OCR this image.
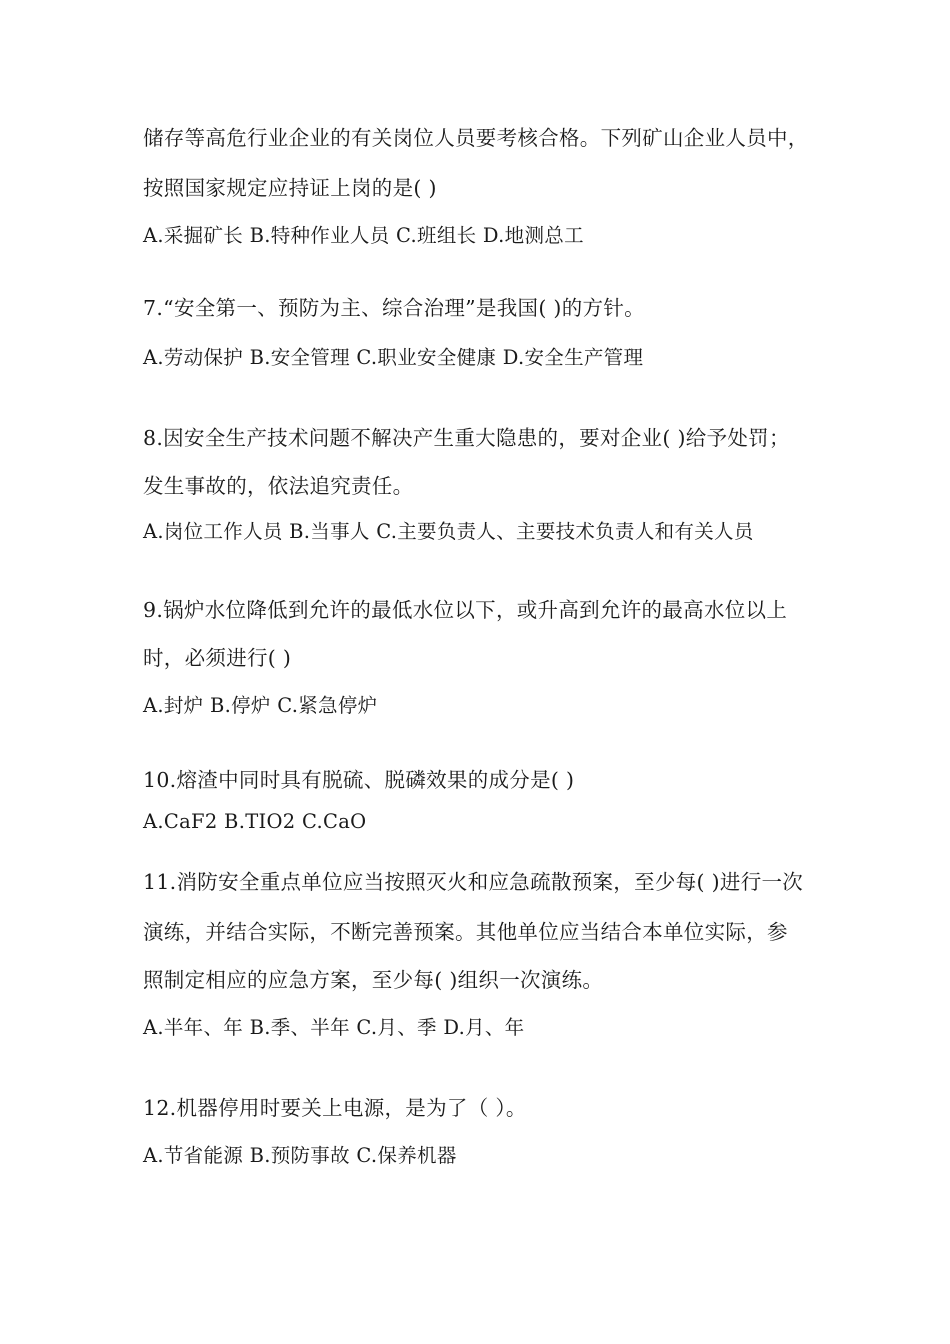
储存等高危行业企业的有关岗位人员要考核合格。下列矿山企业人员中，
按照国家规定应持证上岗的是( )
A.采掘矿长 B.特种作业人员 C.班组长 D.地测总工
7.“安全第一、预防为主、综合治理”是我国( )的方针。
A.劳动保护 B.安全管理 C.职业安全健康 D.安全生产管理
8.因安全生产技术问题不解决产生重大隐患的，要对企业( )给予处罚；
发生事故的，依法追究责任。
A.岗位工作人员 B.当事人 C.主要负责人、主要技术负责人和有关人员
9.锅炉水位降低到允许的最低水位以下，或升高到允许的最高水位以上
时，必须进行( )
A.封炉 B.停炉 C.紧急停炉
10.熔渣中同时具有脱硫、脱磷效果的成分是( )
A.CaF2 B.TIO2 C.CaO
11.消防安全重点单位应当按照灭火和应急疏散预案，至少每( )进行一次
演练，并结合实际，不断完善预案。其他单位应当结合本单位实际，参
照制定相应的应急方案，至少每( )组织一次演练。
A.半年、年 B.季、半年 C.月、季 D.月、年
12.机器停用时要关上电源，是为了（ ）。
A.节省能源 B.预防事故 C.保养机器
